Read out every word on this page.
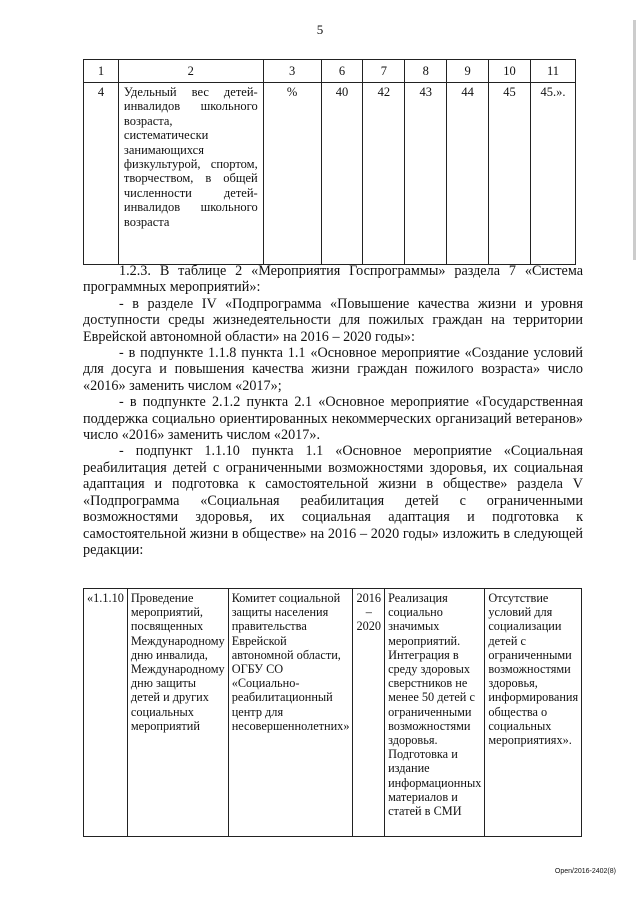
5
1	2	3	6	7	8	9	10	11
4	Удельный вес детей-инвалидов школьного возраста, систематически занимающихся физкультурой, спортом, творчеством, в общей численности детей-инвалидов школьного возраста	%	40	42	43	44	45	45.».

1.2.3. В таблице 2 «Мероприятия Госпрограммы» раздела 7 «Система программных мероприятий»:

- в разделе IV «Подпрограмма «Повышение качества жизни и уровня доступности среды жизнедеятельности для пожилых граждан на территории Еврейской автономной области» на 2016 – 2020 годы»:

- в подпункте 1.1.8 пункта 1.1 «Основное мероприятие «Создание условий для досуга и повышения качества жизни граждан пожилого возраста» число «2016» заменить числом «2017»;

- в подпункте 2.1.2 пункта 2.1 «Основное мероприятие «Государственная поддержка социально ориентированных некоммерческих организаций ветеранов» число «2016» заменить числом «2017».

- подпункт 1.1.10 пункта 1.1 «Основное мероприятие «Социальная реабилитация детей с ограниченными возможностями здоровья, их социальная адаптация и подготовка к самостоятельной жизни в обществе» раздела V «Подпрограмма «Социальная реабилитация детей с ограниченными возможностями здоровья, их социальная адаптация и подготовка к самостоятельной жизни в обществе» на 2016 – 2020 годы» изложить в следующей редакции:

«1.1.10	Проведение мероприятий, посвященных Международному дню инвалида, Международному дню защиты детей и других социальных мероприятий	Комитет социальной защиты населения правительства Еврейской автономной области, ОГБУ СО «Социально-реабилитационный центр для несовершеннолетних»	2016 – 2020	Реализация социально значимых мероприятий. Интеграция в среду здоровых сверстников не менее 50 детей с ограниченными возможностями здоровья. Подготовка и издание информационных материалов и статей в СМИ	Отсутствие условий для социализации детей с ограниченными возможностями здоровья, информирования общества о социальных мероприятиях».
Open/2016-2402(8)
